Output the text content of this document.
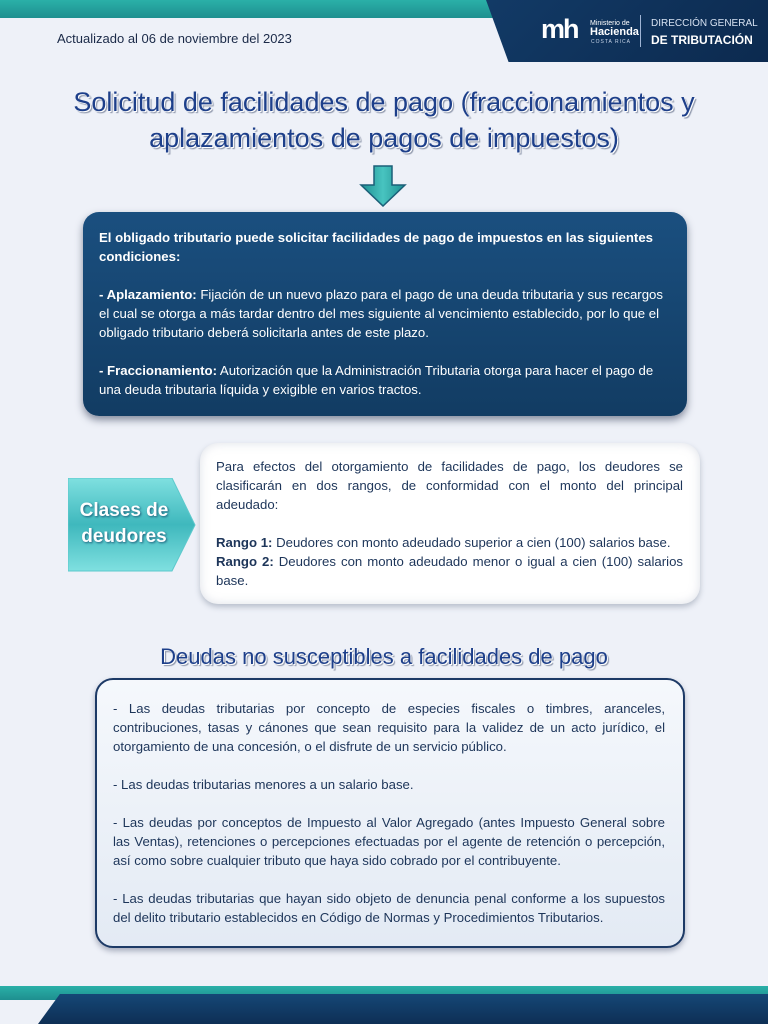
Actualizado al 06 de noviembre del 2023	mh Ministerio de
Hacienda
COSTA RICA
DIRECCIÓN GENERAL
DE TRIBUTACIÓN
Solicitud de facilidades de pago (fraccionamientos y
aplazamientos de pagos de impuestos)

El obligado tributario puede solicitar facilidades de pago de impuestos en las siguientes condiciones:

- Aplazamiento: Fijación de un nuevo plazo para el pago de una deuda tributaria y sus recargos el cual se otorga a más tardar dentro del mes siguiente al vencimiento establecido, por lo que el obligado tributario deberá solicitarla antes de este plazo.

- Fraccionamiento: Autorización que la Administración Tributaria otorga para hacer el pago de una deuda tributaria líquida y exigible en varios tractos.

Clases de
deudores

Para efectos del otorgamiento de facilidades de pago, los deudores se clasificarán en dos rangos, de conformidad con el monto del principal adeudado:

Rango 1: Deudores con monto adeudado superior a cien (100) salarios base.

Rango 2: Deudores con monto adeudado menor o igual a cien (100) salarios base.

Deudas no susceptibles a facilidades de pago

- Las deudas tributarias por concepto de especies fiscales o timbres, aranceles, contribuciones, tasas y cánones que sean requisito para la validez de un acto jurídico, el otorgamiento de una concesión, o el disfrute de un servicio público.

- Las deudas tributarias menores a un salario base.

- Las deudas por conceptos de Impuesto al Valor Agregado (antes Impuesto General sobre las Ventas), retenciones o percepciones efectuadas por el agente de retención o percepción, así como sobre cualquier tributo que haya sido cobrado por el contribuyente.

- Las deudas tributarias que hayan sido objeto de denuncia penal conforme a los supuestos del delito tributario establecidos en Código de Normas y Procedimientos Tributarios.
